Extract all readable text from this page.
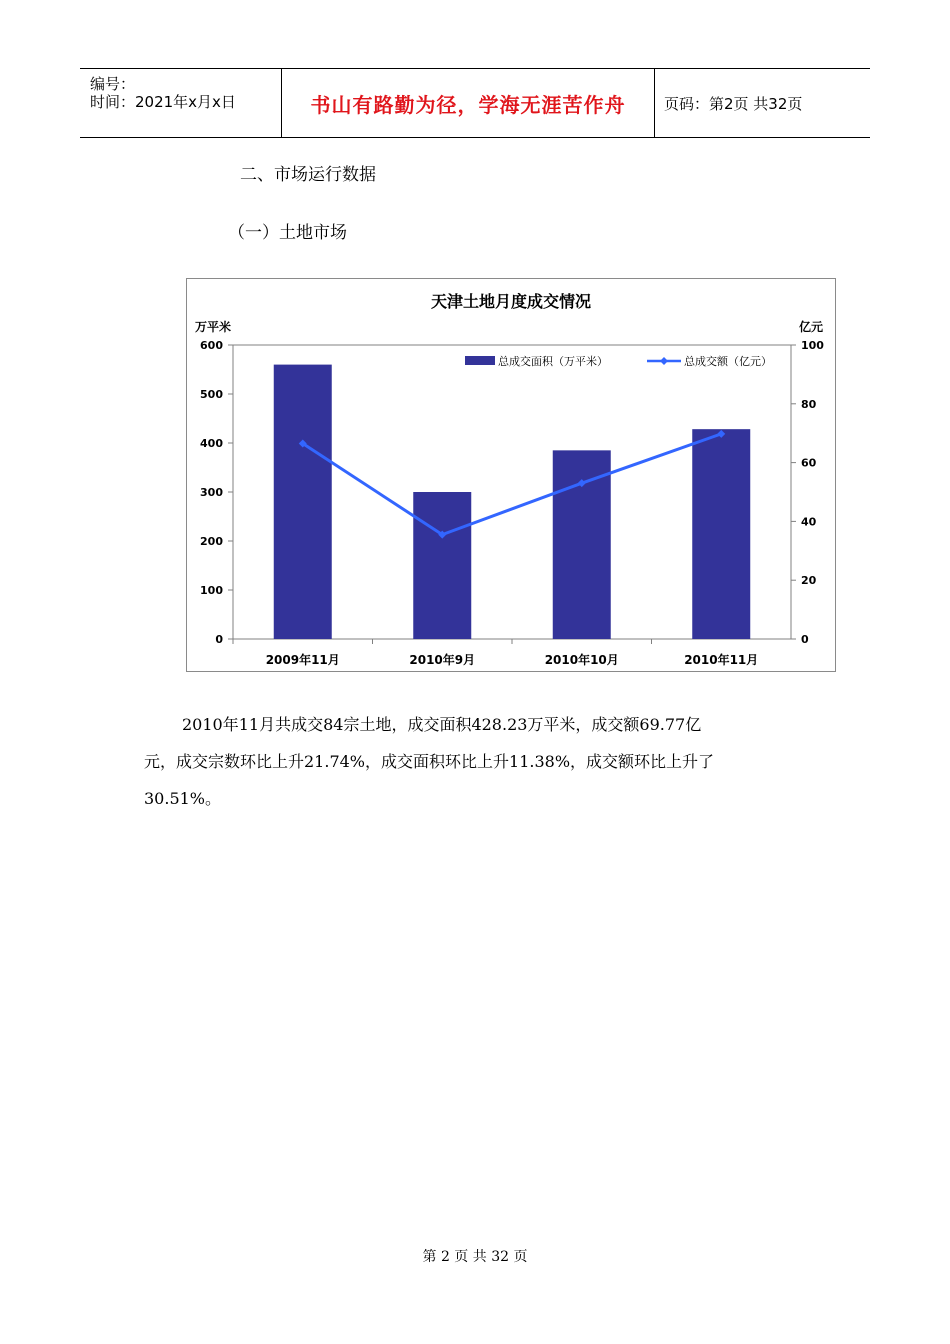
编号：
时间：2021年x月x日	书山有路勤为径，学海无涯苦作舟	页码：第2页 共32页
二、市场运行数据
（一）土地市场
天津土地月度成交情况
万平米	亿元
0
100
200
300
400
500
600
0
20
40
60
80
100
2009年11月	2010年9月	2010年10月	2010年11月
总成交面积（万平米）	总成交额（亿元）
2010年11月共成交84宗土地，成交面积428.23万平米，成交额69.77亿
元，成交宗数环比上升21.74%，成交面积环比上升11.38%，成交额环比上升了
30.51%。
第 2 页 共 32 页
